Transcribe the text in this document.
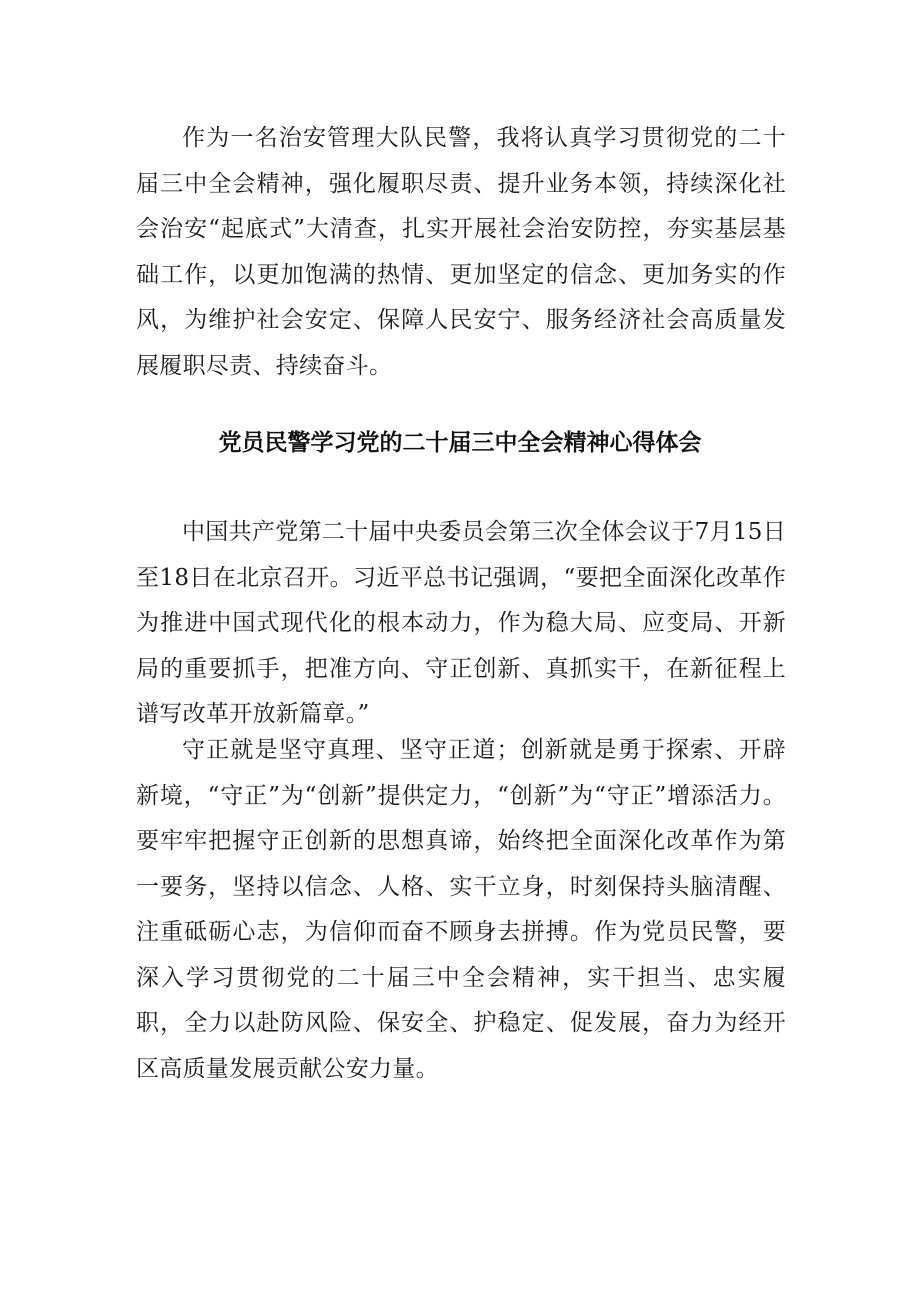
作为一名治安管理大队民警，我将认真学习贯彻党的二十届三中全会精神，强化履职尽责、提升业务本领，持续深化社会治安“起底式”大清查，扎实开展社会治安防控，夯实基层基础工作，以更加饱满的热情、更加坚定的信念、更加务实的作风，为维护社会安定、保障人民安宁、服务经济社会高质量发展履职尽责、持续奋斗。

党员民警学习党的二十届三中全会精神心得体会

中国共产党第二十届中央委员会第三次全体会议于7月15日至18日在北京召开。习近平总书记强调，“要把全面深化改革作为推进中国式现代化的根本动力，作为稳大局、应变局、开新局的重要抓手，把准方向、守正创新、真抓实干，在新征程上谱写改革开放新篇章。”

守正就是坚守真理、坚守正道；创新就是勇于探索、开辟新境，“守正”为“创新”提供定力，“创新”为“守正”增添活力。要牢牢把握守正创新的思想真谛，始终把全面深化改革作为第一要务，坚持以信念、人格、实干立身，时刻保持头脑清醒、注重砥砺心志，为信仰而奋不顾身去拼搏。作为党员民警，要深入学习贯彻党的二十届三中全会精神，实干担当、忠实履职，全力以赴防风险、保安全、护稳定、促发展，奋力为经开区高质量发展贡献公安力量。
